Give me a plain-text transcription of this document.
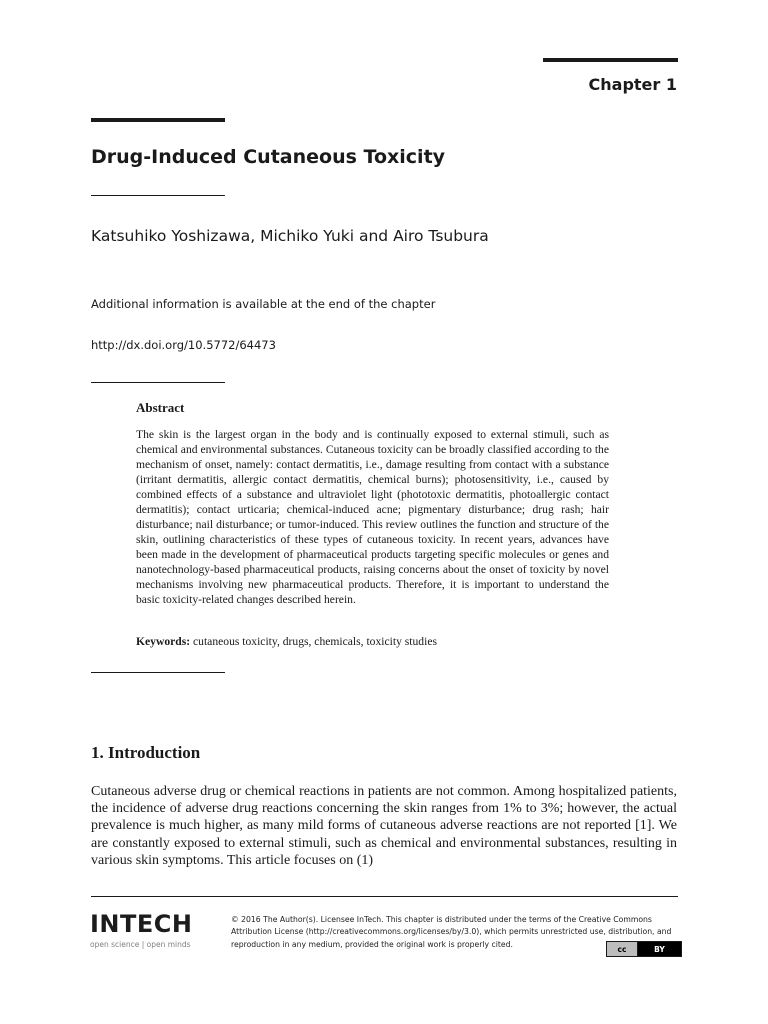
Chapter 1
Drug-Induced Cutaneous Toxicity
Katsuhiko Yoshizawa, Michiko Yuki and Airo Tsubura
Additional information is available at the end of the chapter
http://dx.doi.org/10.5772/64473
Abstract
The skin is the largest organ in the body and is continually exposed to external stimuli, such as chemical and environmental substances. Cutaneous toxicity can be broadly classified according to the mechanism of onset, namely: contact dermatitis, i.e., damage resulting from contact with a substance (irritant dermatitis, allergic contact dermatitis, chemical burns); photosensitivity, i.e., caused by combined effects of a substance and ultraviolet light (phototoxic dermatitis, photoallergic contact dermatitis); contact urticaria; chemical-induced acne; pigmentary disturbance; drug rash; hair disturbance; nail disturbance; or tumor-induced. This review outlines the function and structure of the skin, outlining characteristics of these types of cutaneous toxicity. In recent years, advances have been made in the development of pharmaceutical products targeting specific molecules or genes and nanotechnology-based pharmaceutical products, raising concerns about the onset of toxicity by novel mechanisms involving new pharmaceutical products. Therefore, it is important to understand the basic toxicity-related changes described herein.
Keywords: cutaneous toxicity, drugs, chemicals, toxicity studies
1. Introduction
Cutaneous adverse drug or chemical reactions in patients are not common. Among hospitalized patients, the incidence of adverse drug reactions concerning the skin ranges from 1% to 3%; however, the actual prevalence is much higher, as many mild forms of cutaneous adverse reactions are not reported [1]. We are constantly exposed to external stimuli, such as chemical and environmental substances, resulting in various skin symptoms. This article focuses on (1)
INTECH
open science | open minds
© 2016 The Author(s). Licensee InTech. This chapter is distributed under the terms of the Creative Commons Attribution License (http://creativecommons.org/licenses/by/3.0), which permits unrestricted use, distribution, and reproduction in any medium, provided the original work is properly cited.
cc	BY
